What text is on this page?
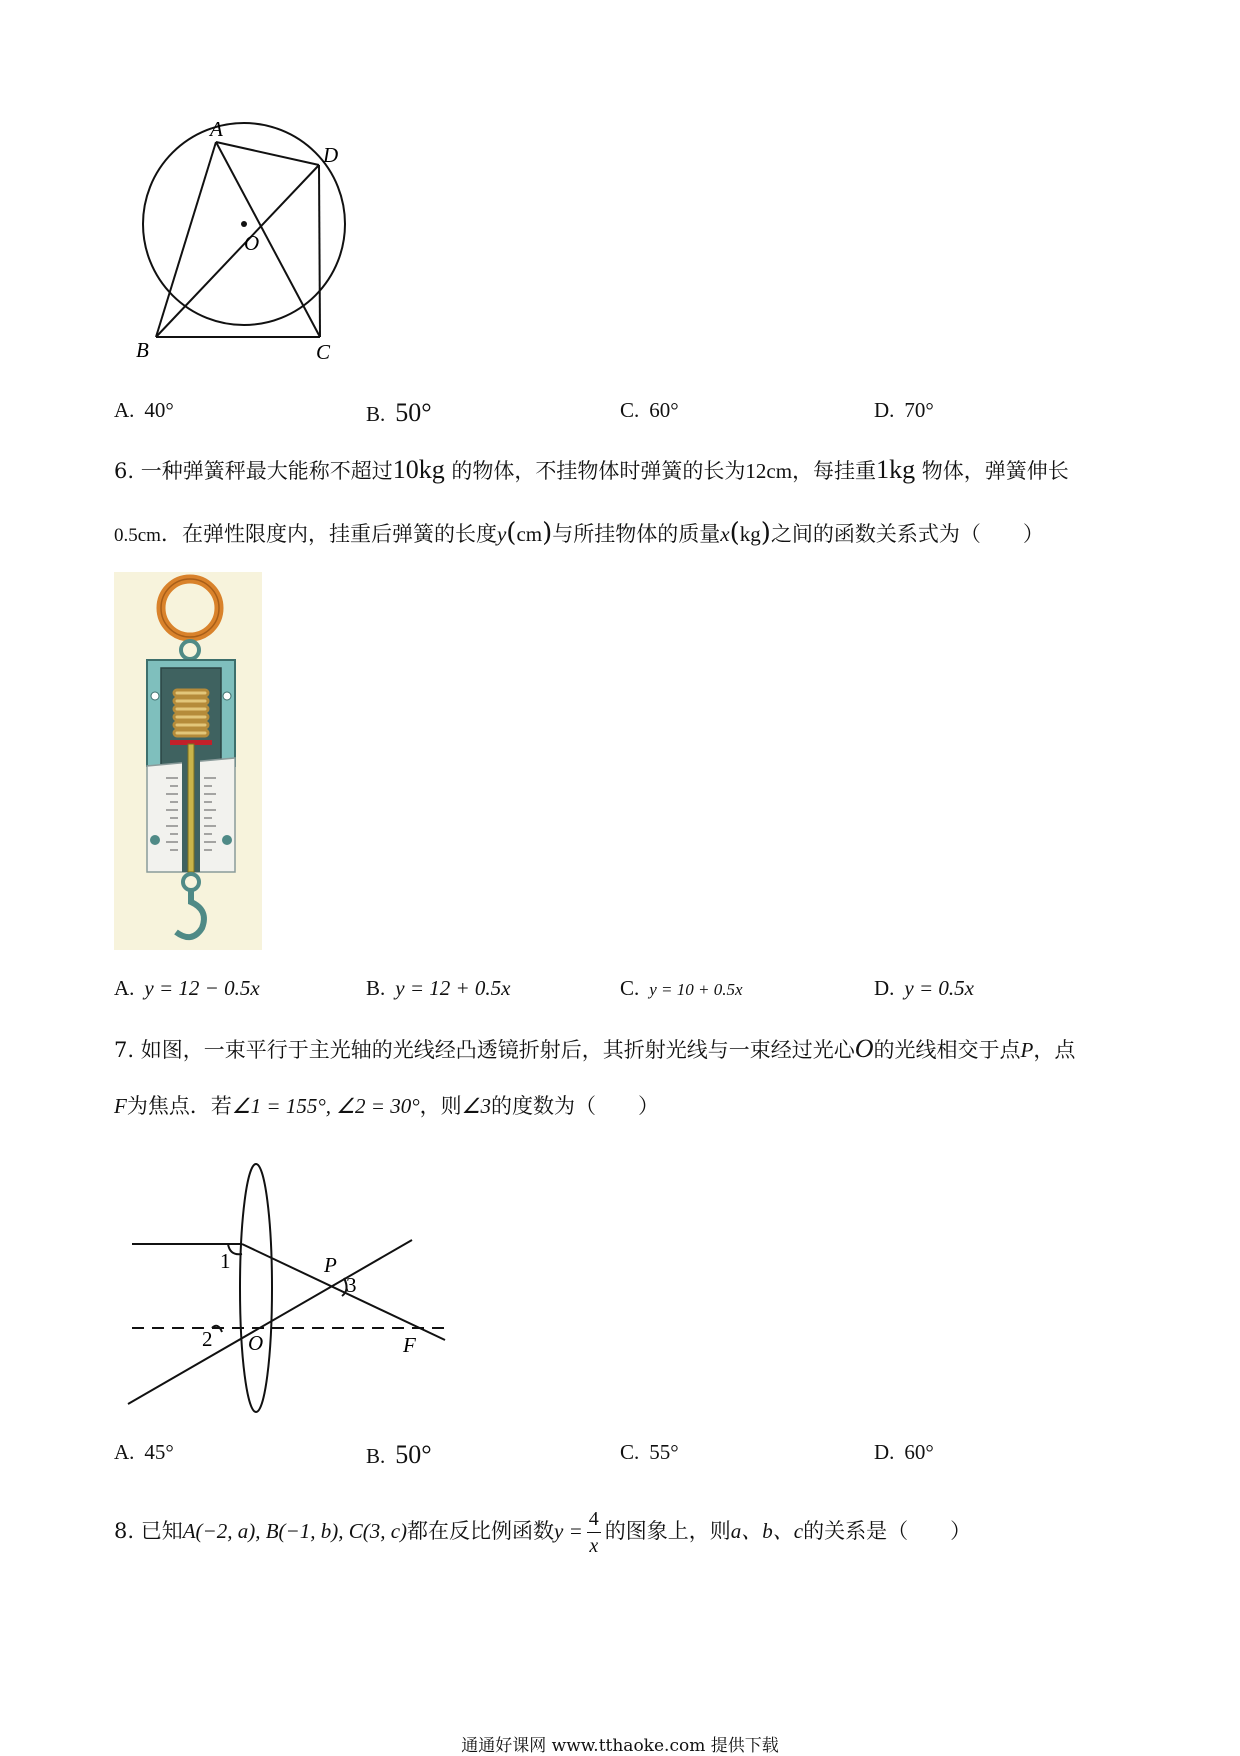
A
D
O
B	C
A. 40°	B. 50°	C. 60°	D. 70°
6. 一种弹簧秤最大能称不超过10kg 的物体，不挂物体时弹簧的长为12cm，每挂重1kg 物体，弹簧伸长
0.5cm．在弹性限度内，挂重后弹簧的长度y(cm)与所挂物体的质量x(kg)之间的函数关系式为（　　）
A. y = 12 − 0.5x	B. y = 12 + 0.5x	C. y = 10 + 0.5x	D. y = 0.5x
7. 如图，一束平行于主光轴的光线经凸透镜折射后，其折射光线与一束经过光心O的光线相交于点P，点
F为焦点．若∠1 = 155°, ∠2 = 30°，则∠3的度数为（　　）
1
2
3
P
O	F
A. 45°	B. 50°	C. 55°	D. 60°
8. 已知A(−2, a), B(−1, b), C(3, c)都在反比例函数$y = \frac{4}{x}$ 的图象上，则a、b、c的关系是（　　）
通通好课网 www.tthaoke.com 提供下载
